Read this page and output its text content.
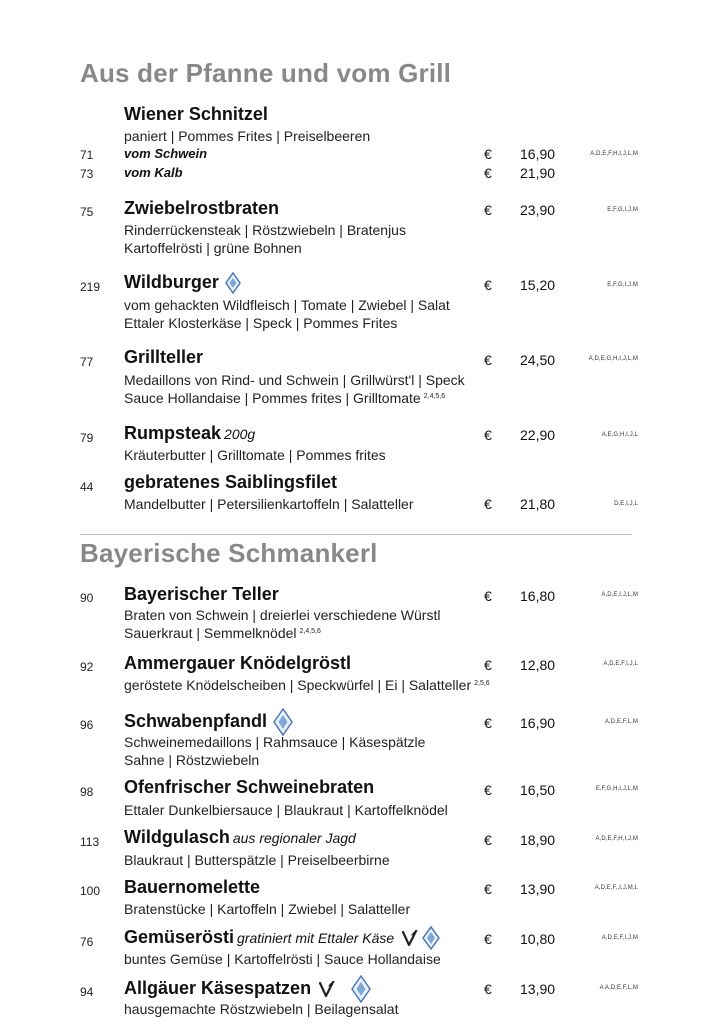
Aus der Pfanne und vom Grill
Wiener Schnitzel
paniert | Pommes Frites | Preiselbeeren
71 vom Schwein	€ 16,90	A,D,E,F,H,I,J,L,M
73 vom Kalb	€ 21,90
75 Zwiebelrostbraten	€ 23,90	E,F,G,I,J,M
Rinderrückensteak | Röstzwiebeln | Bratenjus
Kartoffelrösti | grüne Bohnen
219 Wildburger	€ 15,20	E,F,G,I,J,M
vom gehackten Wildfleisch | Tomate | Zwiebel | Salat
Ettaler Klosterkäse | Speck | Pommes Frites
77 Grillteller	€ 24,50	A,D,E,G,H,I,J,L,M
Medaillons von Rind- und Schwein | Grillwürst'l | Speck
Sauce Hollandaise | Pommes frites | Grilltomate $^{2,4,5,6}$
79 Rumpsteak 200g	€ 22,90	A,E,G,H,I,J,L
Kräuterbutter | Grilltomate | Pommes frites
44 gebratenes Saiblingsfilet
Mandelbutter | Petersilienkartoffeln | Salatteller	€ 21,80	D,E,I,J,L
Bayerische Schmankerl
90 Bayerischer Teller	€ 16,80	A,D,E,I,J,L,M
Braten von Schwein | dreierlei verschiedene Würstl
Sauerkraut | Semmelknödel $^{2,4,5,6}$
92 Ammergauer Knödelgröstl	€ 12,80	A,D,E,F,I,J,L
geröstete Knödelscheiben | Speckwürfel | Ei | Salatteller $^{2,5,6}$
96 Schwabenpfandl	€ 16,90	A,D,E,F,L,M
Schweinemedaillons | Rahmsauce | Käsespätzle
Sahne | Röstzwiebeln
98 Ofenfrischer Schweinebraten	€ 16,50	E,F,G,H,I,J,L,M
Ettaler Dunkelbiersauce | Blaukraut | Kartoffelknödel
113 Wildgulasch aus regionaler Jagd	€ 18,90	A,D,E,F,H,I,J,M
Blaukraut | Butterspätzle | Preiselbeerbirne
100 Bauernomelette	€ 13,90	A,D,E,F,,I,J,M,L
Bratenstücke | Kartoffeln | Zwiebel | Salatteller
76 Gemüserösti gratiniert mit Ettaler Käse	€ 10,80	A,D,E,F,I,J,M
buntes Gemüse | Kartoffelrösti | Sauce Hollandaise
94 Allgäuer Käsespatzen	€ 13,90	A A,D,E,F,L,M
hausgemachte Röstzwiebeln | Beilagensalat
